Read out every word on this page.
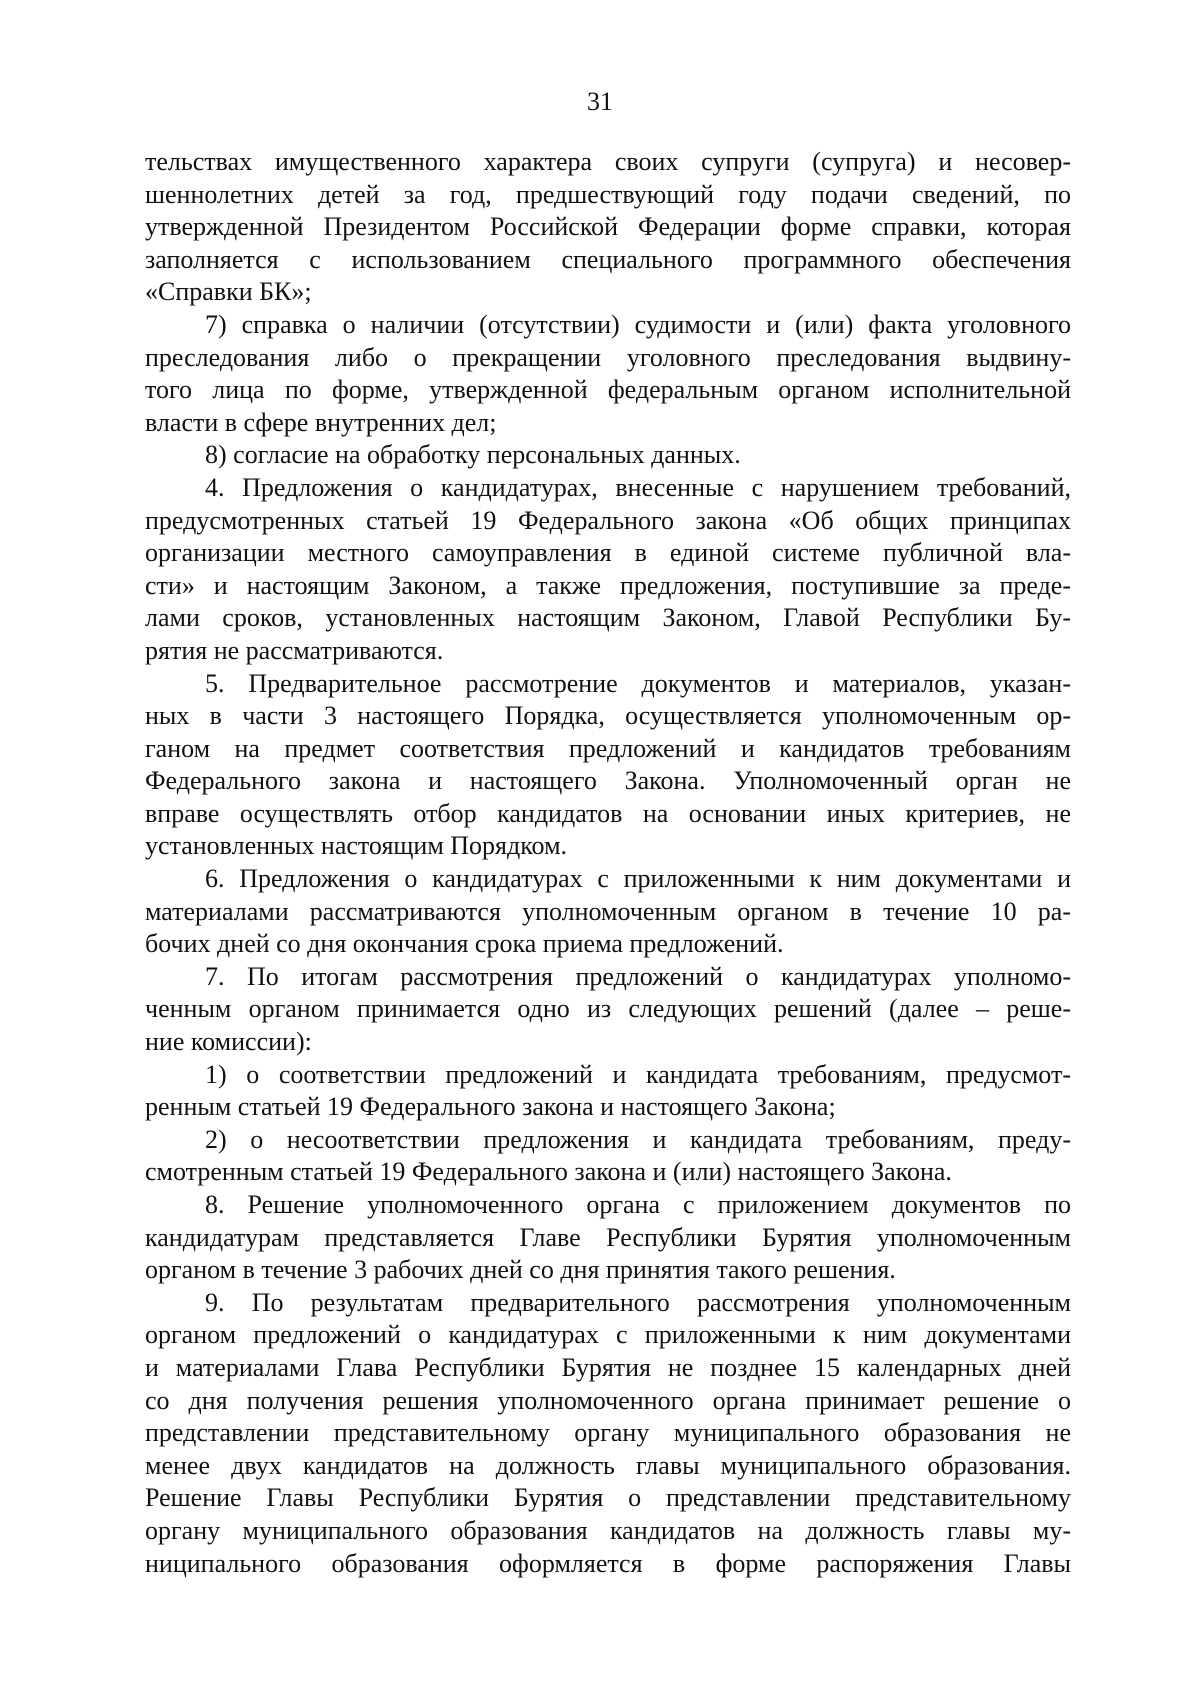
31
тельствах имущественного характера своих супруги (супруга) и несовер-
шеннолетних детей за год, предшествующий году подачи сведений, по
утвержденной Президентом Российской Федерации форме справки, которая
заполняется с использованием специального программного обеспечения
«Справки БК»;
7) справка о наличии (отсутствии) судимости и (или) факта уголовного
преследования либо о прекращении уголовного преследования выдвину-
того лица по форме, утвержденной федеральным органом исполнительной
власти в сфере внутренних дел;
8) согласие на обработку персональных данных.
4. Предложения о кандидатурах, внесенные с нарушением требований,
предусмотренных статьей 19 Федерального закона «Об общих принципах
организации местного самоуправления в единой системе публичной вла-
сти» и настоящим Законом, а также предложения, поступившие за преде-
лами сроков, установленных настоящим Законом, Главой Республики Бу-
рятия не рассматриваются.
5. Предварительное рассмотрение документов и материалов, указан-
ных в части 3 настоящего Порядка, осуществляется уполномоченным ор-
ганом на предмет соответствия предложений и кандидатов требованиям
Федерального закона и настоящего Закона. Уполномоченный орган не
вправе осуществлять отбор кандидатов на основании иных критериев, не
установленных настоящим Порядком.
6. Предложения о кандидатурах с приложенными к ним документами и
материалами рассматриваются уполномоченным органом в течение 10 ра-
бочих дней со дня окончания срока приема предложений.
7. По итогам рассмотрения предложений о кандидатурах уполномо-
ченным органом принимается одно из следующих решений (далее – реше-
ние комиссии):
1) о соответствии предложений и кандидата требованиям, предусмот-
ренным статьей 19 Федерального закона и настоящего Закона;
2) о несоответствии предложения и кандидата требованиям, преду-
смотренным статьей 19 Федерального закона и (или) настоящего Закона.
8. Решение уполномоченного органа с приложением документов по
кандидатурам представляется Главе Республики Бурятия уполномоченным
органом в течение 3 рабочих дней со дня принятия такого решения.
9. По результатам предварительного рассмотрения уполномоченным
органом предложений о кандидатурах с приложенными к ним документами
и материалами Глава Республики Бурятия не позднее 15 календарных дней
со дня получения решения уполномоченного органа принимает решение о
представлении представительному органу муниципального образования не
менее двух кандидатов на должность главы муниципального образования.
Решение Главы Республики Бурятия о представлении представительному
органу муниципального образования кандидатов на должность главы му-
ниципального образования оформляется в форме распоряжения Главы
